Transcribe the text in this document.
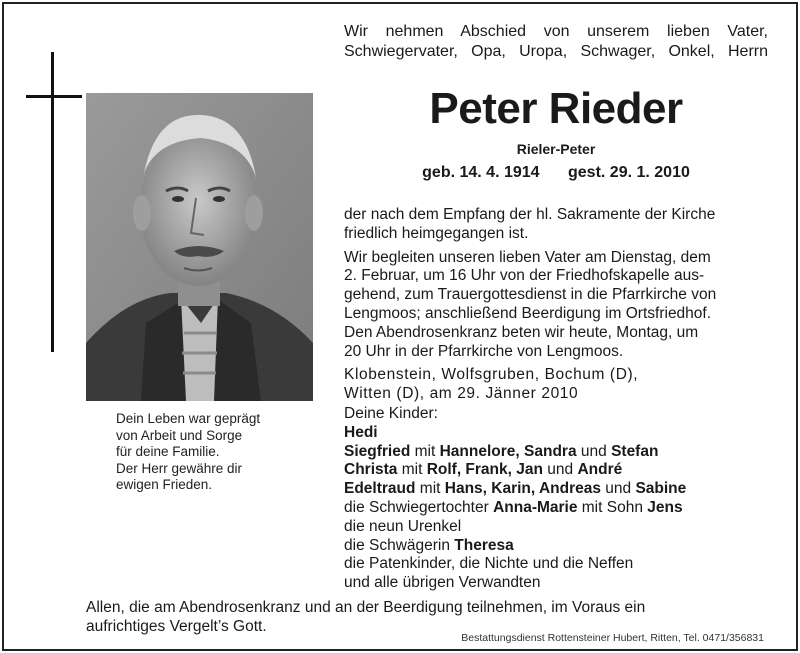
Dein Leben war geprägt
von Arbeit und Sorge
für deine Familie.
Der Herr gewähre dir
ewigen Frieden.
Wir nehmen Abschied von unserem lieben Vater,
Schwiegervater, Opa, Uropa, Schwager, Onkel, Herrn
Peter Rieder
Rieler-Peter
geb. 14. 4. 1914 gest. 29. 1. 2010
der nach dem Empfang der hl. Sakramente der Kirche
friedlich heimgegangen ist.
Wir begleiten unseren lieben Vater am Dienstag, dem
2. Februar, um 16 Uhr von der Friedhofskapelle aus-
gehend, zum Trauergottesdienst in die Pfarrkirche von
Lengmoos; anschließend Beerdigung im Ortsfriedhof.
Den Abendrosenkranz beten wir heute, Montag, um
20 Uhr in der Pfarrkirche von Lengmoos.
Klobenstein, Wolfsgruben, Bochum (D),
Witten (D), am 29. Jänner 2010
Deine Kinder:
Hedi
Siegfried mit Hannelore, Sandra und Stefan
Christa mit Rolf, Frank, Jan und André
Edeltraud mit Hans, Karin, Andreas und Sabine
die Schwiegertochter Anna-Marie mit Sohn Jens
die neun Urenkel
die Schwägerin Theresa
die Patenkinder, die Nichte und die Neffen
und alle übrigen Verwandten
Allen, die am Abendrosenkranz und an der Beerdigung teilnehmen, im Voraus ein
aufrichtiges Vergelt’s Gott.
Bestattungsdienst Rottensteiner Hubert, Ritten, Tel. 0471/356831
